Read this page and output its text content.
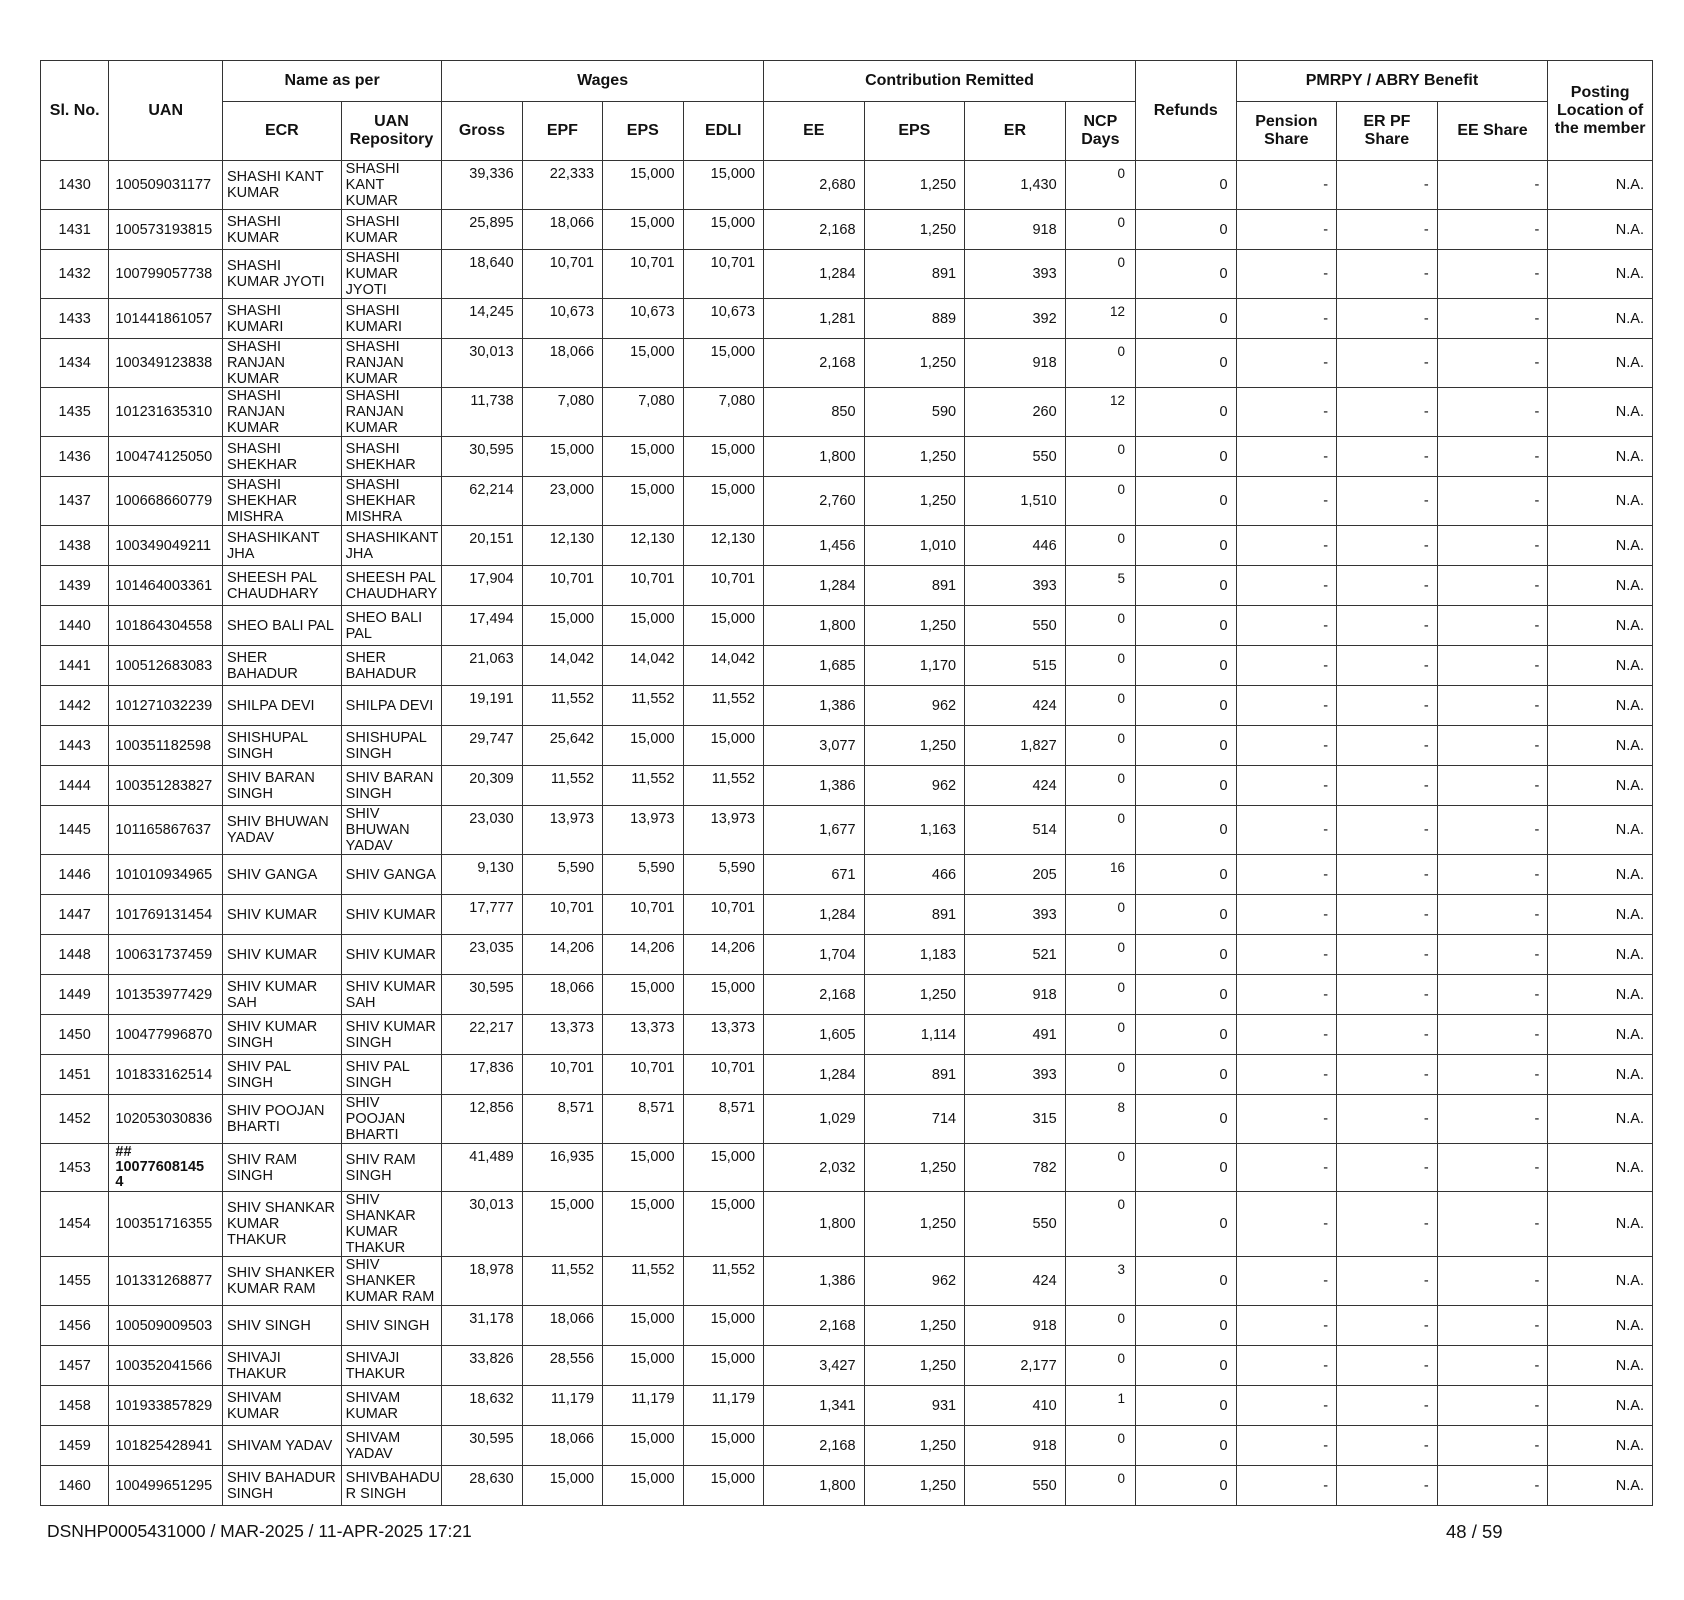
Sl. No.	UAN	Name as per		Wages				Contribution Remitted				Refunds	PMRPY / ABRY Benefit			Posting Location of the member
		ECR	UAN Repository	Gross	EPF	EPS	EDLI	EE	EPS	ER	NCP Days		Pension Share	ER PF Share	EE Share	
1430	100509031177	SHASHI KANT KUMAR	SHASHI KANT KUMAR	39,336	22,333	15,000	15,000	2,680	1,250	1,430	0	0	-	-	-	N.A.
1431	100573193815	SHASHI KUMAR	SHASHI KUMAR	25,895	18,066	15,000	15,000	2,168	1,250	918	0	0	-	-	-	N.A.
1432	100799057738	SHASHI KUMAR JYOTI	SHASHI KUMAR JYOTI	18,640	10,701	10,701	10,701	1,284	891	393	0	0	-	-	-	N.A.
1433	101441861057	SHASHI KUMARI	SHASHI KUMARI	14,245	10,673	10,673	10,673	1,281	889	392	12	0	-	-	-	N.A.
1434	100349123838	SHASHI RANJAN KUMAR	SHASHI RANJAN KUMAR	30,013	18,066	15,000	15,000	2,168	1,250	918	0	0	-	-	-	N.A.
1435	101231635310	SHASHI RANJAN KUMAR	SHASHI RANJAN KUMAR	11,738	7,080	7,080	7,080	850	590	260	12	0	-	-	-	N.A.
1436	100474125050	SHASHI SHEKHAR	SHASHI SHEKHAR	30,595	15,000	15,000	15,000	1,800	1,250	550	0	0	-	-	-	N.A.
1437	100668660779	SHASHI SHEKHAR MISHRA	SHASHI SHEKHAR MISHRA	62,214	23,000	15,000	15,000	2,760	1,250	1,510	0	0	-	-	-	N.A.
1438	100349049211	SHASHIKANT JHA	SHASHIKANT JHA	20,151	12,130	12,130	12,130	1,456	1,010	446	0	0	-	-	-	N.A.
1439	101464003361	SHEESH PAL CHAUDHARY	SHEESH PAL CHAUDHARY	17,904	10,701	10,701	10,701	1,284	891	393	5	0	-	-	-	N.A.
1440	101864304558	SHEO BALI PAL	SHEO BALI PAL	17,494	15,000	15,000	15,000	1,800	1,250	550	0	0	-	-	-	N.A.
1441	100512683083	SHER BAHADUR	SHER BAHADUR	21,063	14,042	14,042	14,042	1,685	1,170	515	0	0	-	-	-	N.A.
1442	101271032239	SHILPA DEVI	SHILPA DEVI	19,191	11,552	11,552	11,552	1,386	962	424	0	0	-	-	-	N.A.
1443	100351182598	SHISHUPAL SINGH	SHISHUPAL SINGH	29,747	25,642	15,000	15,000	3,077	1,250	1,827	0	0	-	-	-	N.A.
1444	100351283827	SHIV BARAN SINGH	SHIV BARAN SINGH	20,309	11,552	11,552	11,552	1,386	962	424	0	0	-	-	-	N.A.
1445	101165867637	SHIV BHUWAN YADAV	SHIV BHUWAN YADAV	23,030	13,973	13,973	13,973	1,677	1,163	514	0	0	-	-	-	N.A.
1446	101010934965	SHIV GANGA	SHIV GANGA	9,130	5,590	5,590	5,590	671	466	205	16	0	-	-	-	N.A.
1447	101769131454	SHIV KUMAR	SHIV KUMAR	17,777	10,701	10,701	10,701	1,284	891	393	0	0	-	-	-	N.A.
1448	100631737459	SHIV KUMAR	SHIV KUMAR	23,035	14,206	14,206	14,206	1,704	1,183	521	0	0	-	-	-	N.A.
1449	101353977429	SHIV KUMAR SAH	SHIV KUMAR SAH	30,595	18,066	15,000	15,000	2,168	1,250	918	0	0	-	-	-	N.A.
1450	100477996870	SHIV KUMAR SINGH	SHIV KUMAR SINGH	22,217	13,373	13,373	13,373	1,605	1,114	491	0	0	-	-	-	N.A.
1451	101833162514	SHIV PAL SINGH	SHIV PAL SINGH	17,836	10,701	10,701	10,701	1,284	891	393	0	0	-	-	-	N.A.
1452	102053030836	SHIV POOJAN BHARTI	SHIV POOJAN BHARTI	12,856	8,571	8,571	8,571	1,029	714	315	8	0	-	-	-	N.A.
1453	## 10077608145 4	SHIV RAM SINGH	SHIV RAM SINGH	41,489	16,935	15,000	15,000	2,032	1,250	782	0	0	-	-	-	N.A.
1454	100351716355	SHIV SHANKAR KUMAR THAKUR	SHIV SHANKAR KUMAR THAKUR	30,013	15,000	15,000	15,000	1,800	1,250	550	0	0	-	-	-	N.A.
1455	101331268877	SHIV SHANKER KUMAR RAM	SHIV SHANKER KUMAR RAM	18,978	11,552	11,552	11,552	1,386	962	424	3	0	-	-	-	N.A.
1456	100509009503	SHIV SINGH	SHIV SINGH	31,178	18,066	15,000	15,000	2,168	1,250	918	0	0	-	-	-	N.A.
1457	100352041566	SHIVAJI THAKUR	SHIVAJI THAKUR	33,826	28,556	15,000	15,000	3,427	1,250	2,177	0	0	-	-	-	N.A.
1458	101933857829	SHIVAM KUMAR	SHIVAM KUMAR	18,632	11,179	11,179	11,179	1,341	931	410	1	0	-	-	-	N.A.
1459	101825428941	SHIVAM YADAV	SHIVAM YADAV	30,595	18,066	15,000	15,000	2,168	1,250	918	0	0	-	-	-	N.A.
1460	100499651295	SHIV BAHADUR SINGH	SHIVBAHADU R SINGH	28,630	15,000	15,000	15,000	1,800	1,250	550	0	0	-	-	-	N.A.
DSNHP0005431000 / MAR-2025 / 11-APR-2025 17:21	48 / 59
